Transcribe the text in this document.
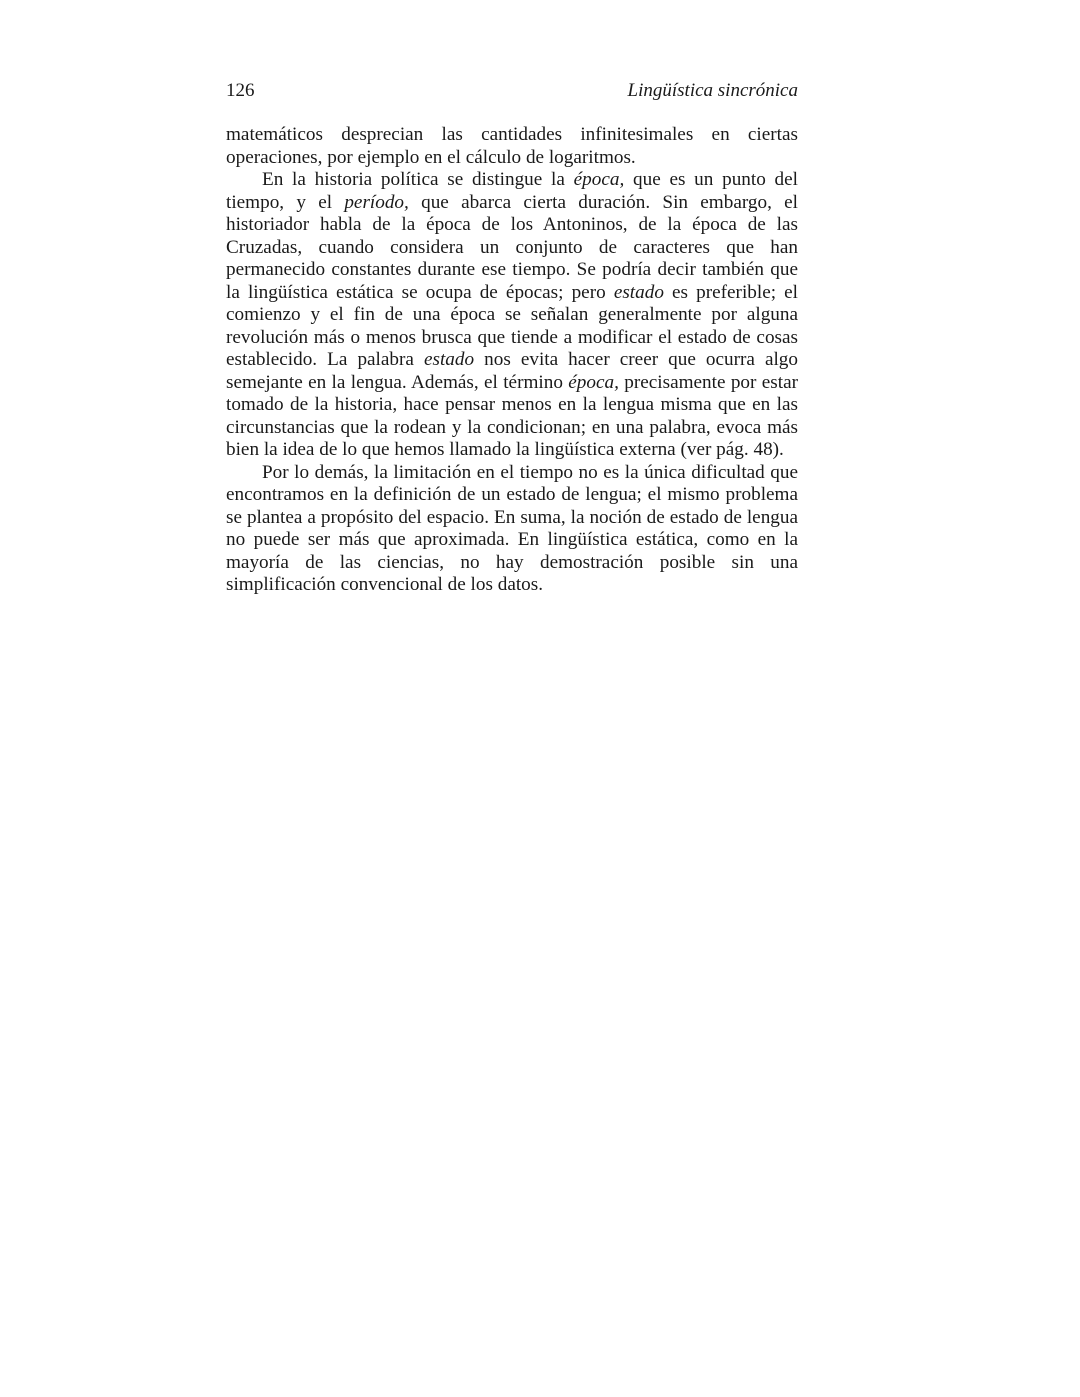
126	Lingüística sincrónica

matemáticos desprecian las cantidades infinitesimales en ciertas operaciones, por ejemplo en el cálculo de logaritmos.

En la historia política se distingue la época, que es un punto del tiempo, y el período, que abarca cierta duración. Sin embargo, el historiador habla de la época de los Antoninos, de la época de las Cruzadas, cuando considera un conjunto de caracteres que han permanecido constantes durante ese tiempo. Se podría decir también que la lingüística estática se ocupa de épocas; pero estado es preferible; el comienzo y el fin de una época se señalan generalmente por alguna revolución más o menos brusca que tiende a modificar el estado de cosas establecido. La palabra estado nos evita hacer creer que ocurra algo semejante en la lengua. Además, el término época, precisamente por estar tomado de la historia, hace pensar menos en la lengua misma que en las circunstancias que la rodean y la condicionan; en una palabra, evoca más bien la idea de lo que hemos llamado la lingüística externa (ver pág. 48).

Por lo demás, la limitación en el tiempo no es la única dificultad que encontramos en la definición de un estado de lengua; el mismo problema se plantea a propósito del espacio. En suma, la noción de estado de lengua no puede ser más que aproximada. En lingüística estática, como en la mayoría de las ciencias, no hay demostración posible sin una simplificación convencional de los datos.
